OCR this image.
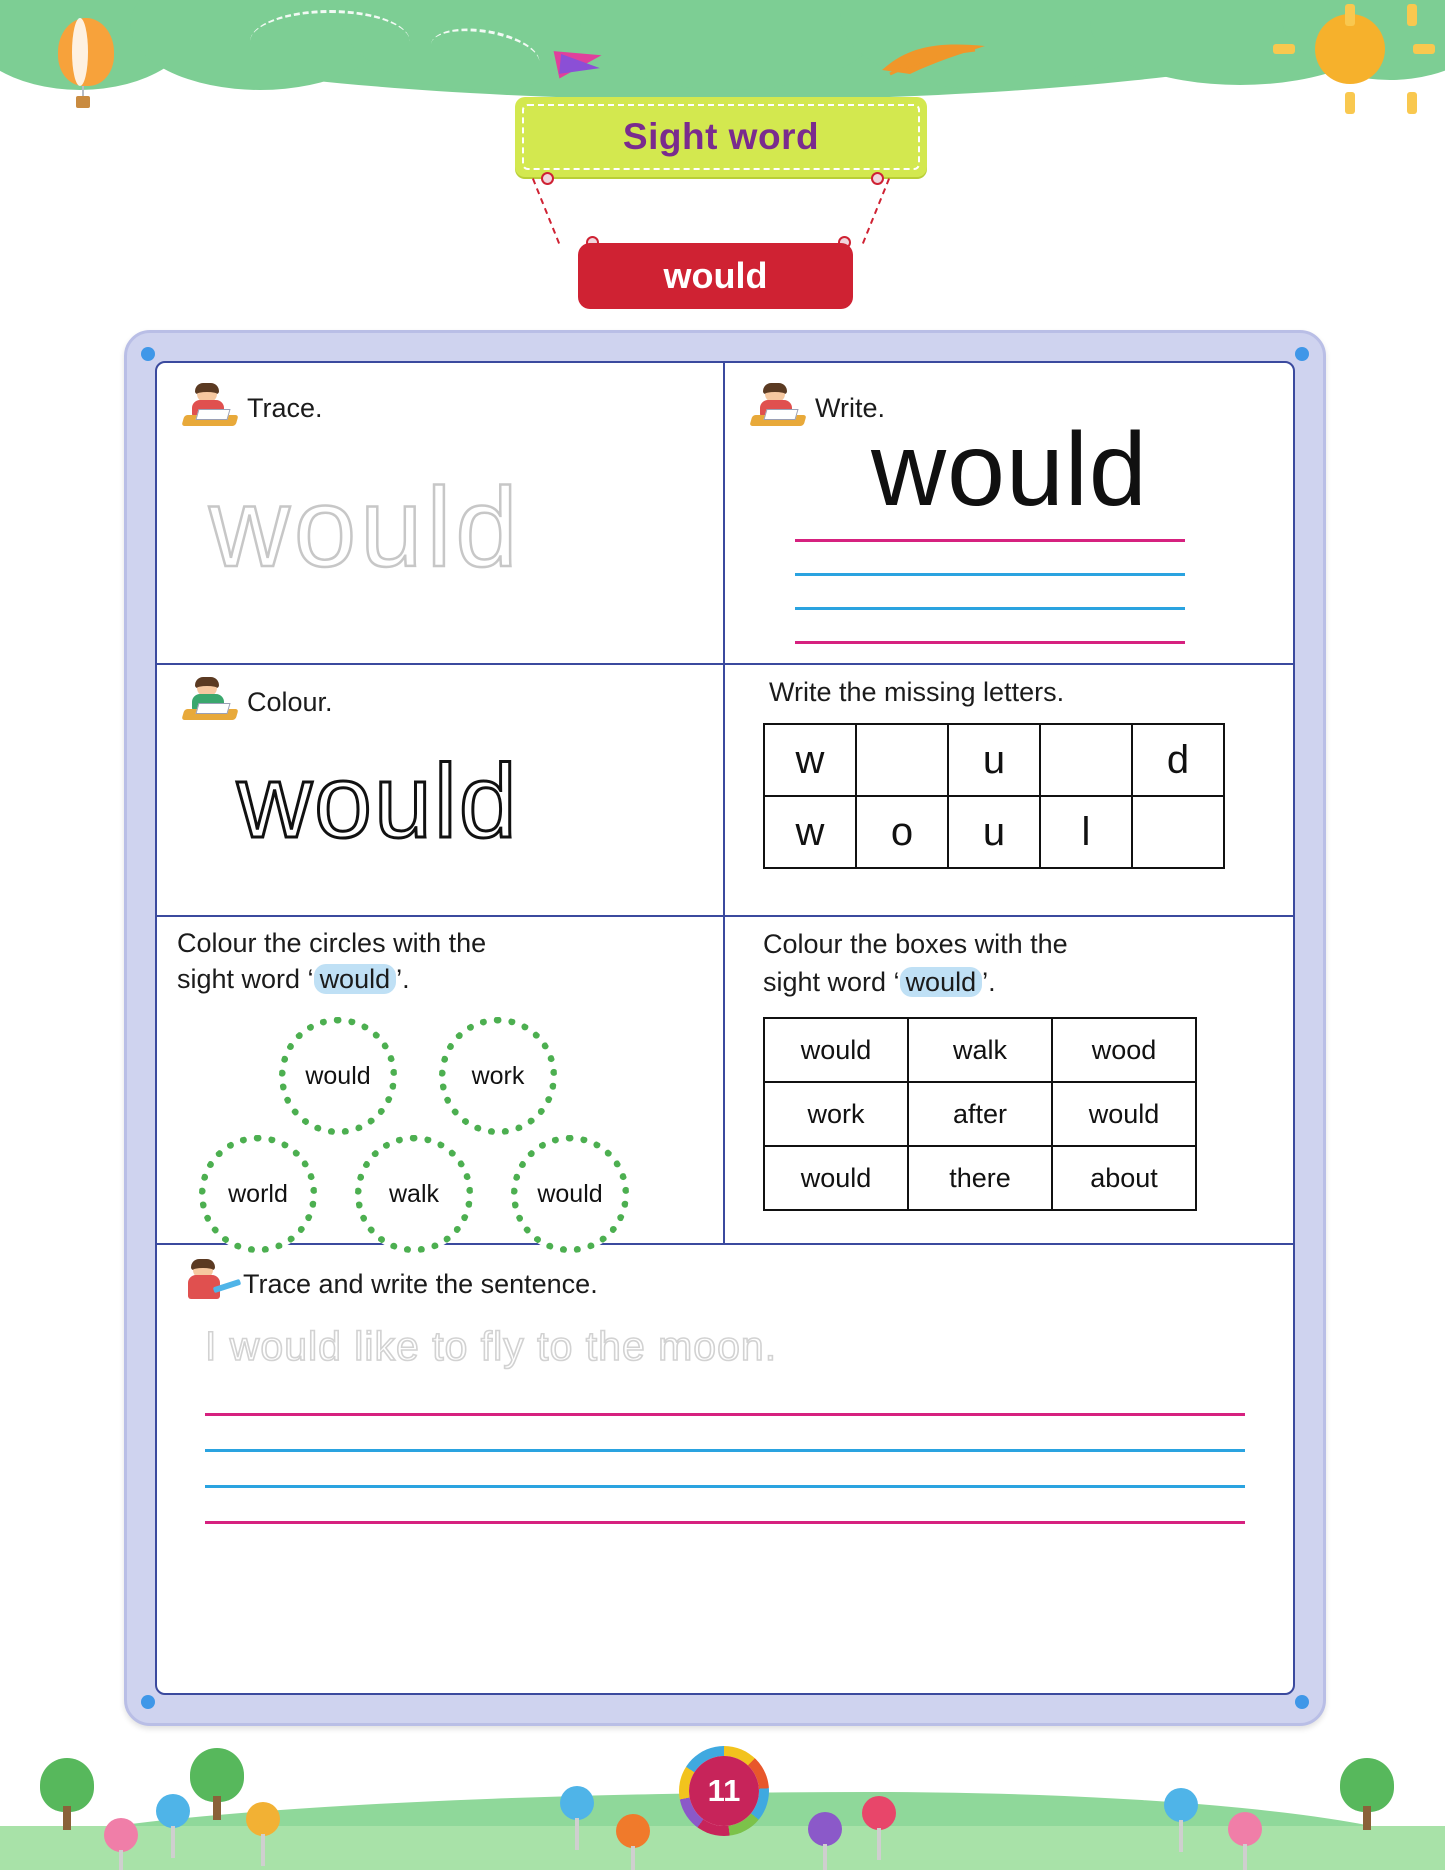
Sight word
would
Trace.
would
Write.
would
Colour.
would
Write the missing letters.
w		u		d
w	o	u	l	
Colour the circles with the
sight word ‘ would ’.
would	work
world	walk	would
Colour the boxes with the
sight word ‘ would ’.
would	walk	wood
work	after	would
would	there	about
Trace and write the sentence.
I would like to fly to the moon.
11
